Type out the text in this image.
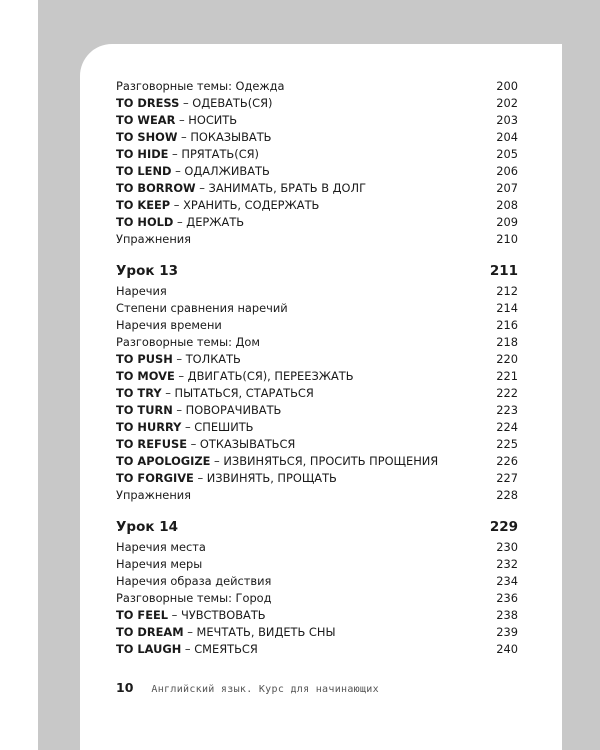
Разговорные темы: Одежда	200
TO DRESS – ОДЕВАТЬ(СЯ)	202
TO WEAR – НОСИТЬ	203
TO SHOW – ПОКАЗЫВАТЬ	204
TO HIDE – ПРЯТАТЬ(СЯ)	205
TO LEND – ОДАЛЖИВАТЬ	206
TO BORROW – ЗАНИМАТЬ, БРАТЬ В ДОЛГ	207
TO KEEP – ХРАНИТЬ, СОДЕРЖАТЬ	208
TO HOLD – ДЕРЖАТЬ	209
Упражнения	210
Урок 13	211
Наречия	212
Степени сравнения наречий	214
Наречия времени	216
Разговорные темы: Дом	218
TO PUSH – ТОЛКАТЬ	220
TO MOVE – ДВИГАТЬ(СЯ), ПЕРЕЕЗЖАТЬ	221
TO TRY – ПЫТАТЬСЯ, СТАРАТЬСЯ	222
TO TURN – ПОВОРАЧИВАТЬ	223
TO HURRY – СПЕШИТЬ	224
TO REFUSE – ОТКАЗЫВАТЬСЯ	225
TO APOLOGIZE – ИЗВИНЯТЬСЯ, ПРОСИТЬ ПРОЩЕНИЯ	226
TO FORGIVE – ИЗВИНЯТЬ, ПРОЩАТЬ	227
Упражнения	228
Урок 14	229
Наречия места	230
Наречия меры	232
Наречия образа действия	234
Разговорные темы: Город	236
TO FEEL – ЧУВСТВОВАТЬ	238
TO DREAM – МЕЧТАТЬ, ВИДЕТЬ СНЫ	239
TO LAUGH – СМЕЯТЬСЯ	240
10 Английский язык. Курс для начинающих
